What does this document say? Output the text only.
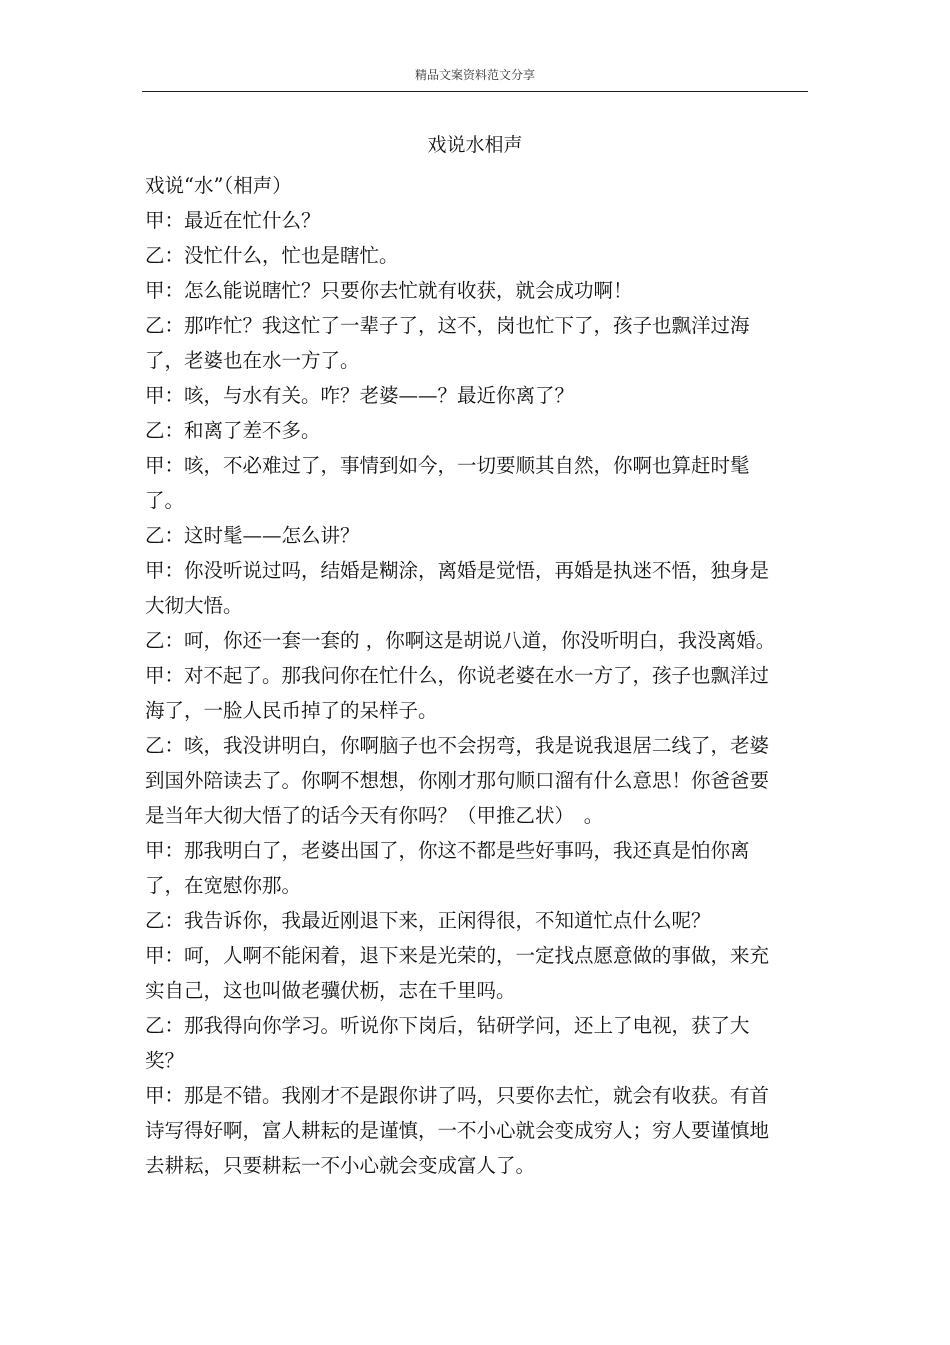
精品文案资料范文分享
戏说水相声

戏说“水”（相声）

甲：最近在忙什么？

乙：没忙什么，忙也是瞎忙。

甲：怎么能说瞎忙？只要你去忙就有收获，就会成功啊！

乙：那咋忙？我这忙了一辈子了，这不，岗也忙下了，孩子也飘洋过海了，老婆也在水一方了。

甲：咳，与水有关。咋？老婆——？最近你离了？

乙：和离了差不多。

甲：咳，不必难过了，事情到如今，一切要顺其自然，你啊也算赶时髦了。

乙：这时髦——怎么讲？

甲：你没听说过吗，结婚是糊涂，离婚是觉悟，再婚是执迷不悟，独身是大彻大悟。

乙：呵，你还一套一套的 ，你啊这是胡说八道，你没听明白，我没离婚。

甲：对不起了。那我问你在忙什么，你说老婆在水一方了，孩子也飘洋过海了，一脸人民币掉了的呆样子。

乙：咳，我没讲明白，你啊脑子也不会拐弯，我是说我退居二线了，老婆到国外陪读去了。你啊不想想，你刚才那句顺口溜有什么意思！你爸爸要是当年大彻大悟了的话今天有你吗？（甲推乙状）　。

甲：那我明白了，老婆出国了，你这不都是些好事吗，我还真是怕你离了，在宽慰你那。

乙：我告诉你，我最近刚退下来，正闲得很，不知道忙点什么呢？

甲：呵，人啊不能闲着，退下来是光荣的，一定找点愿意做的事做，来充实自己，这也叫做老骥伏枥，志在千里吗。

乙：那我得向你学习。听说你下岗后，钻研学问，还上了电视，获了大奖？

甲：那是不错。我刚才不是跟你讲了吗，只要你去忙，就会有收获。有首诗写得好啊，富人耕耘的是谨慎，一不小心就会变成穷人；穷人要谨慎地去耕耘，只要耕耘一不小心就会变成富人了。
